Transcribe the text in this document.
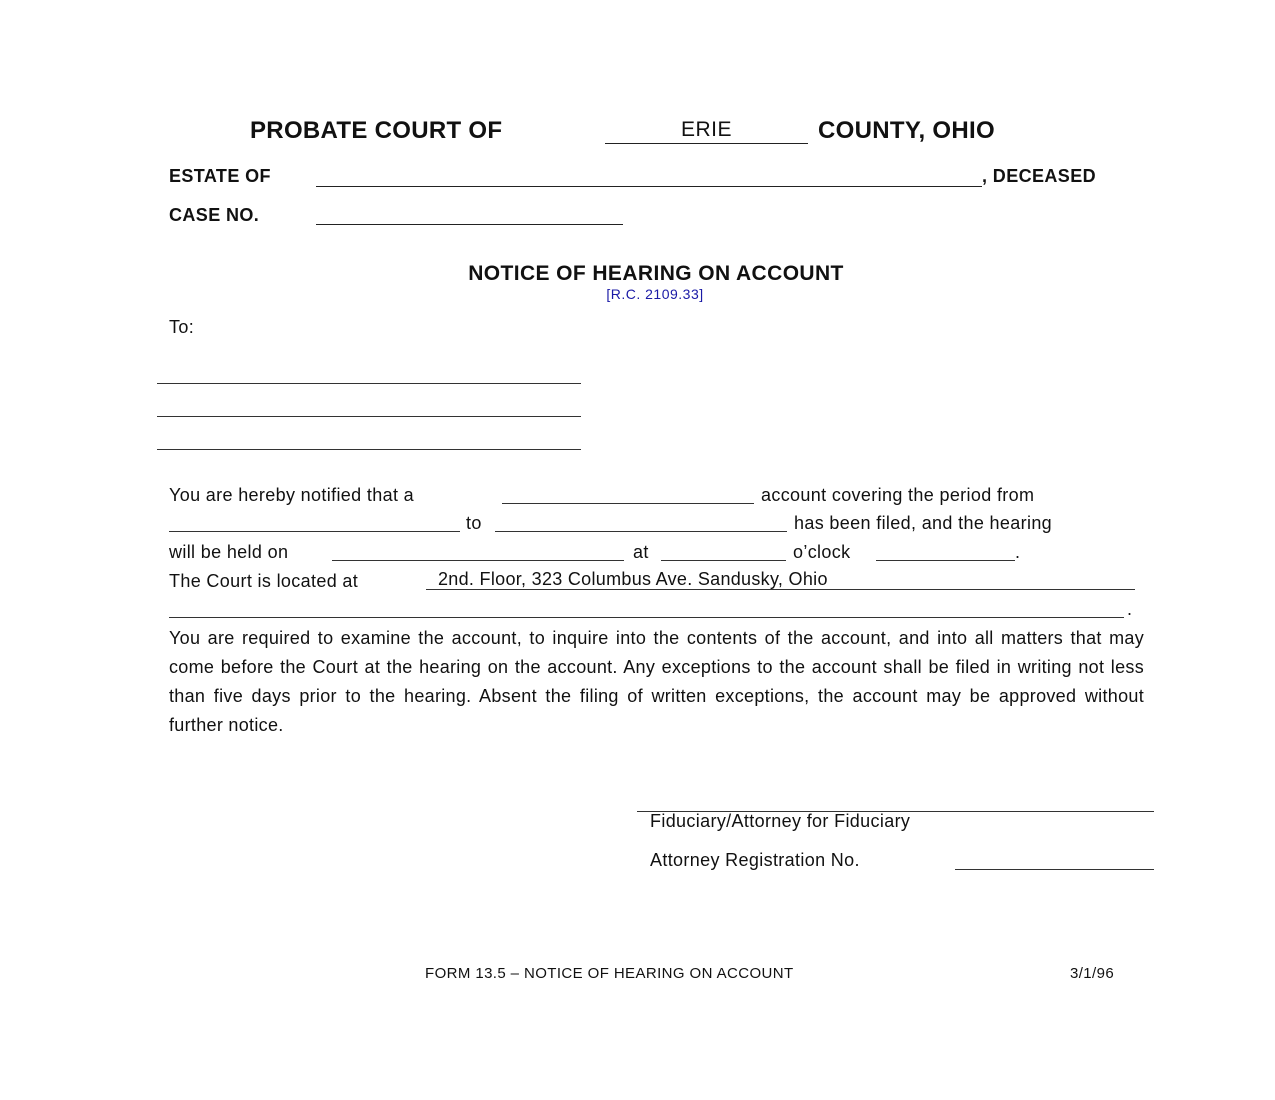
PROBATE COURT OF	ERIE	COUNTY, OHIO
ESTATE OF	, DECEASED
CASE NO.
NOTICE OF HEARING ON ACCOUNT
[R.C. 2109.33]
To:
You are hereby notified that a	account covering the period from
to	has been filed, and the hearing
will be held on	at	o’clock	.
The Court is located at	2nd. Floor, 323 Columbus Ave. Sandusky, Ohio
.
You are required to examine the account, to inquire into the contents of the account, and into all matters that may come before the Court at the hearing on the account. Any exceptions to the account shall be filed in writing not less than five days prior to the hearing. Absent the filing of written exceptions, the account may be approved without further notice.
Fiduciary/Attorney for Fiduciary
Attorney Registration No.
FORM 13.5 – NOTICE OF HEARING ON ACCOUNT	3/1/96
